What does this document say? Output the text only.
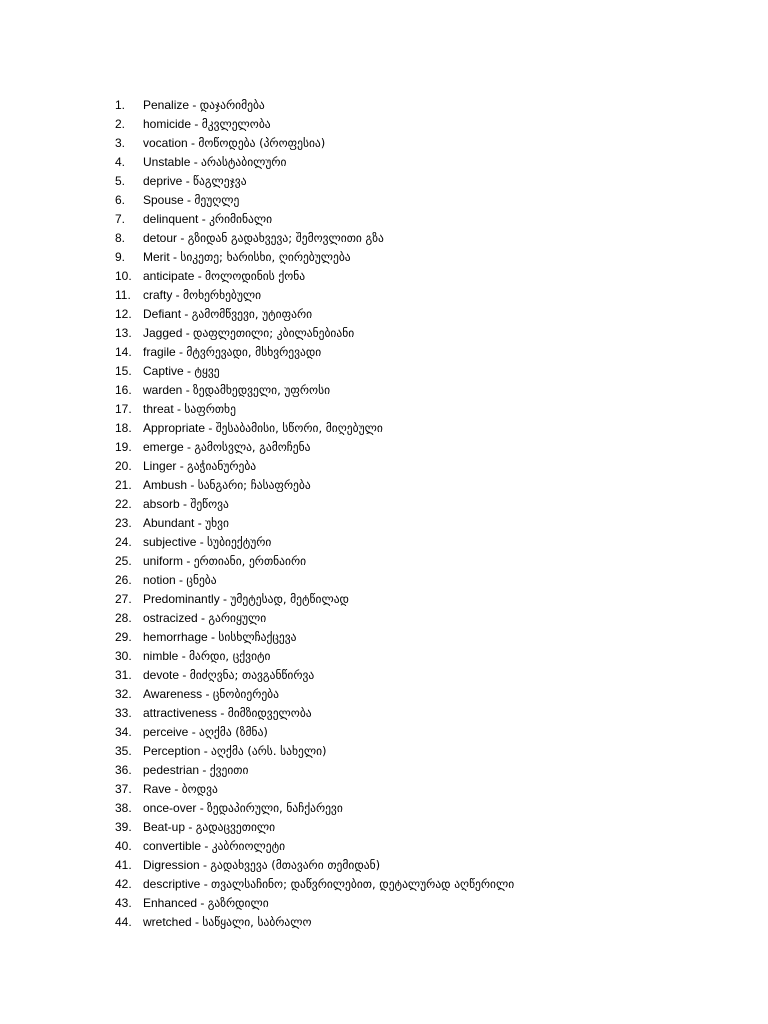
1.	Penalize - დაჯარიმება
2.	homicide - მკვლელობა
3.	vocation - მოწოდება (პროფესია)
4.	Unstable - არასტაბილური
5.	deprive - წაგლეჯვა
6.	Spouse - მეუღლე
7.	delinquent - კრიმინალი
8.	detour - გზიდან გადახვევა; შემოვლითი გზა
9.	Merit - სიკეთე; ხარისხი, ღირებულება
10. anticipate - მოლოდინის ქონა
11.	crafty - მოხერხებული
12. Defiant - გამომწვევი, უტიფარი
13. Jagged - დაფლეთილი; კბილანებიანი
14. fragile - მტვრევადი, მსხვრევადი
15. Captive - ტყვე
16. warden - ზედამხედველი, უფროსი
17. threat - საფრთხე
18. Appropriate - შესაბამისი, სწორი, მიღებული
19. emerge - გამოსვლა, გამოჩენა
20. Linger - გაჭიანურება
21. Ambush - სანგარი; ჩასაფრება
22. absorb - შეწოვა
23. Abundant - უხვი
24. subjective - სუბიექტური
25. uniform - ერთიანი, ერთნაირი
26. notion - ცნება
27. Predominantly - უმეტესად, მეტწილად
28. ostracized - გარიყული
29. hemorrhage - სისხლჩაქცევა
30. nimble - მარდი, ცქვიტი
31. devote - მიძღვნა; თავგანწირვა
32. Awareness - ცნობიერება
33. attractiveness - მიმზიდველობა
34. perceive - აღქმა (ზმნა)
35. Perception - აღქმა (არს. სახელი)
36. pedestrian - ქვეითი
37. Rave - ბოდვა
38. once-over - ზედაპირული, ნაჩქარევი
39. Beat-up - გადაცვეთილი
40. convertible - კაბრიოლეტი
41. Digression - გადახვევა (მთავარი თემიდან)
42. descriptive - თვალსაჩინო; დაწვრილებით, დეტალურად აღწერილი
43. Enhanced - გაზრდილი
44. wretched - საწყალი, საბრალო
